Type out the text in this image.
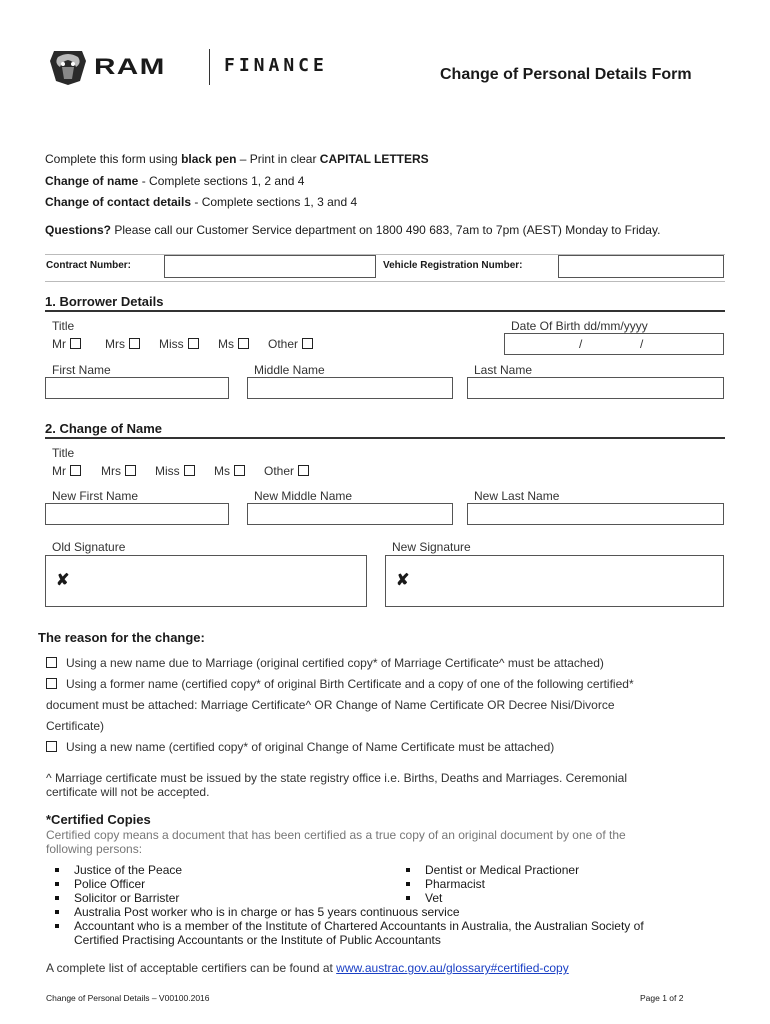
RAM	FINANCE	Change of Personal Details Form
Complete this form using black pen – Print in clear CAPITAL LETTERS
Change of name - Complete sections 1, 2 and 4
Change of contact details - Complete sections 1, 3 and 4
Questions? Please call our Customer Service department on 1800 490 683, 7am to 7pm (AEST) Monday to Friday.
Contract Number:	Vehicle Registration Number:
1. Borrower Details
Title
Mr	Mrs	Miss	Ms	Other
Date Of Birth dd/mm/yyyy
/	/
First Name	Middle Name	Last Name
2. Change of Name
Title
Mr	Mrs	Miss	Ms	Other
New First Name	New Middle Name	New Last Name
Old Signature
✘
New Signature
✘
The reason for the change:
Using a new name due to Marriage (original certified copy* of Marriage Certificate^ must be attached)
Using a former name (certified copy* of original Birth Certificate and a copy of one of the following certified*
document must be attached: Marriage Certificate^ OR Change of Name Certificate OR Decree Nisi/Divorce
Certificate)
Using a new name (certified copy* of original Change of Name Certificate must be attached)
^ Marriage certificate must be issued by the state registry office i.e. Births, Deaths and Marriages. Ceremonial
certificate will not be accepted.
*Certified Copies
Certified copy means a document that has been certified as a true copy of an original document by one of the
following persons:
Justice of the Peace
Police Officer
Solicitor or Barrister
Australia Post worker who is in charge or has 5 years continuous service
Accountant who is a member of the Institute of Chartered Accountants in Australia, the Australian Society of
Certified Practising Accountants or the Institute of Public Accountants
Dentist or Medical Practioner
Pharmacist
Vet
A complete list of acceptable certifiers can be found at www.austrac.gov.au/glossary#certified-copy
Change of Personal Details – V00100.2016	Page 1 of 2
